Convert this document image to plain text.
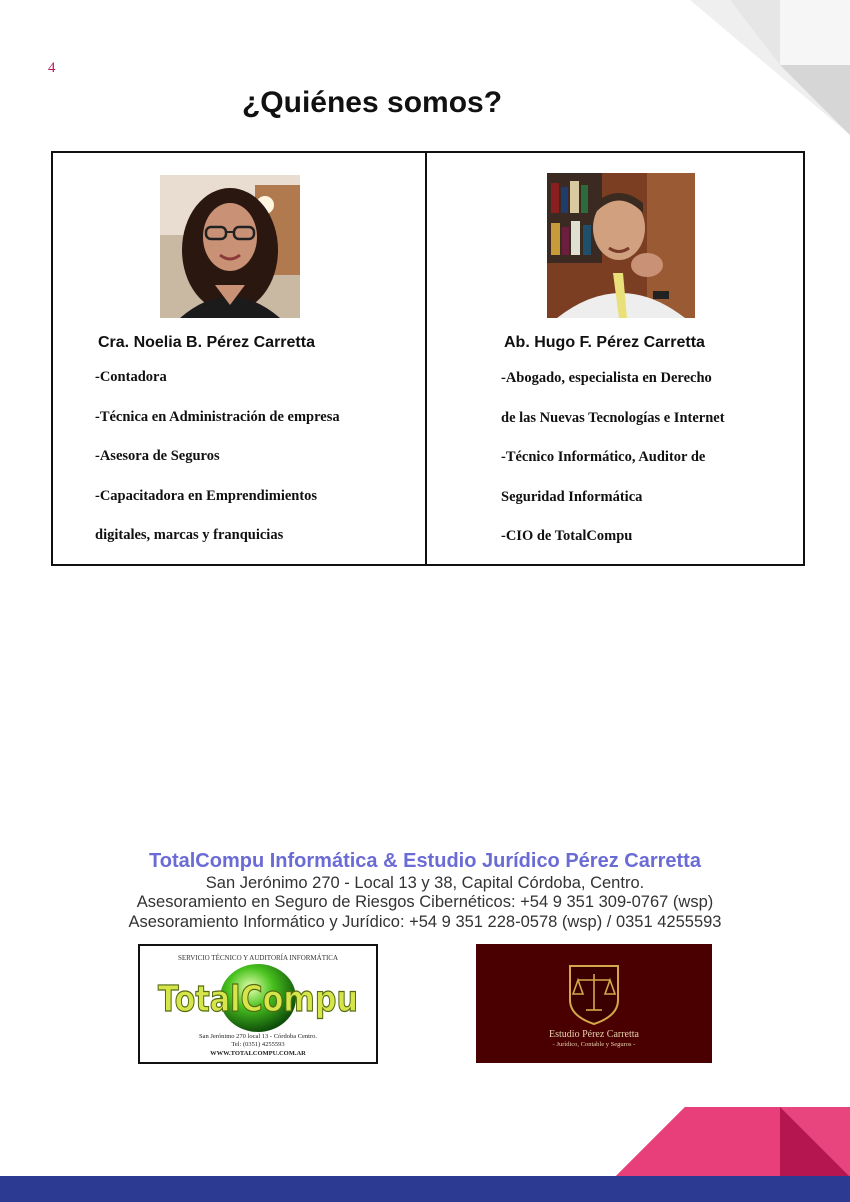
4
¿Quiénes somos?
Cra. Noelia B. Pérez Carretta
-Contadora
-Técnica en Administración de empresa
-Asesora de Seguros
-Capacitadora en Emprendimientos
digitales, marcas y franquicias
Ab. Hugo F. Pérez Carretta
-Abogado, especialista en Derecho
de las Nuevas Tecnologías e Internet
-Técnico Informático, Auditor de
Seguridad Informática
-CIO de TotalCompu
TotalCompu Informática & Estudio Jurídico Pérez Carretta
San Jerónimo 270 - Local 13 y 38, Capital Córdoba, Centro.
Asesoramiento en Seguro de Riesgos Cibernéticos: +54 9 351 309-0767 (wsp)
Asesoramiento Informático y Jurídico: +54 9 351 228-0578 (wsp) / 0351 4255593
SERVICIO TÉCNICO Y AUDITORÍA INFORMÁTICA
TotalCompu
San Jerónimo 270 local 13 - Córdoba Centro.
Tel: (0351) 4255593
WWW.TOTALCOMPU.COM.AR
Estudio Pérez Carretta
- Jurídico, Contable y Seguros -
